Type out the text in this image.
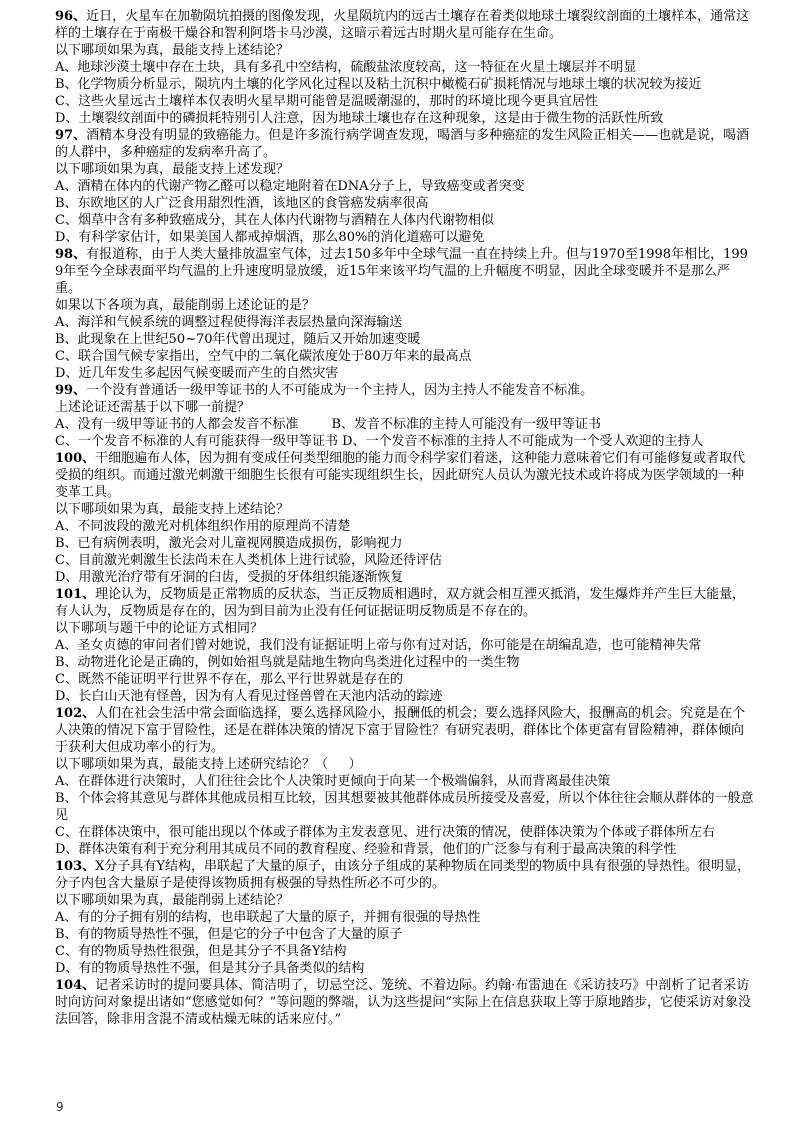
96、近日，火星车在加勒陨坑拍摄的图像发现，火星陨坑内的远古土壤存在着类似地球土壤裂纹剖面的土壤样本，通常这样的土壤存在于南极干燥谷和智利阿塔卡马沙漠，这暗示着远古时期火星可能存在生命。

以下哪项如果为真，最能支持上述结论？

A、地球沙漠土壤中存在土块，具有多孔中空结构，硫酸盐浓度较高，这一特征在火星土壤层并不明显

B、化学物质分析显示，陨坑内土壤的化学风化过程以及粘土沉积中橄榄石矿损耗情况与地球土壤的状况较为接近

C、这些火星远古土壤样本仅表明火星早期可能曾是温暖潮湿的，那时的环境比现今更具宜居性

D、土壤裂纹剖面中的磷损耗特别引人注意，因为地球土壤也存在这种现象，这是由于微生物的活跃性所致

97、酒精本身没有明显的致癌能力。但是许多流行病学调查发现，喝酒与多种癌症的发生风险正相关——也就是说，喝酒的人群中，多种癌症的发病率升高了。

以下哪项如果为真，最能支持上述发现？

A、酒精在体内的代谢产物乙醛可以稳定地附着在DNA分子上，导致癌变或者突变

B、东欧地区的人广泛食用甜烈性酒，该地区的食管癌发病率很高

C、烟草中含有多种致癌成分，其在人体内代谢物与酒精在人体内代谢物相似

D、有科学家估计，如果美国人都戒掉烟酒，那么80%的消化道癌可以避免

98、有报道称，由于人类大量排放温室气体，过去150多年中全球气温一直在持续上升。但与1970至1998年相比，1999年至今全球表面平均气温的上升速度明显放缓，近15年来该平均气温的上升幅度不明显，因此全球变暖并不是那么严重。

如果以下各项为真，最能削弱上述论证的是？

A、海洋和气候系统的调整过程使得海洋表层热量向深海输送

B、此现象在上世纪50~70年代曾出现过，随后又开始加速变暖

C、联合国气候专家指出，空气中的二氧化碳浓度处于80万年来的最高点

D、近几年发生多起因气候变暖而产生的自然灾害

99、一个没有普通话一级甲等证书的人不可能成为一个主持人，因为主持人不能发音不标准。

上述论证还需基于以下哪一前提？

A、没有一级甲等证书的人都会发音不标准        B、发音不标准的主持人可能没有一级甲等证书

C、一个发音不标准的人有可能获得一级甲等证书 D、一个发音不标准的主持人不可能成为一个受人欢迎的主持人

100、干细胞遍布人体，因为拥有变成任何类型细胞的能力而令科学家们着迷，这种能力意味着它们有可能修复或者取代受损的组织。而通过激光刺激干细胞生长很有可能实现组织生长，因此研究人员认为激光技术或许将成为医学领域的一种变革工具。

以下哪项如果为真，最能支持上述结论？

A、不同波段的激光对机体组织作用的原理尚不清楚

B、已有病例表明，激光会对儿童视网膜造成损伤，影响视力

C、目前激光刺激生长法尚未在人类机体上进行试验，风险还待评估

D、用激光治疗带有牙洞的臼齿，受损的牙体组织能逐渐恢复

101、理论认为，反物质是正常物质的反状态，当正反物质相遇时，双方就会相互湮灭抵消，发生爆炸并产生巨大能量，有人认为，反物质是存在的，因为到目前为止没有任何证据证明反物质是不存在的。

以下哪项与题干中的论证方式相同？

A、圣女贞德的审问者们曾对她说，我们没有证据证明上帝与你有过对话，你可能是在胡编乱造，也可能精神失常

B、动物进化论是正确的，例如始祖鸟就是陆地生物向鸟类进化过程中的一类生物

C、既然不能证明平行世界不存在，那么平行世界就是存在的

D、长白山天池有怪兽，因为有人看见过怪兽曾在天池内活动的踪迹

102、人们在社会生活中常会面临选择，要么选择风险小，报酬低的机会；要么选择风险大，报酬高的机会。究竟是在个人决策的情况下富于冒险性，还是在群体决策的情况下富于冒险性？有研究表明，群体比个体更富有冒险精神，群体倾向于获利大但成功率小的行为。

以下哪项如果为真，最能支持上述研究结论？（     ）

A、在群体进行决策时，人们往往会比个人决策时更倾向于向某一个极端偏斜，从而背离最佳决策

B、个体会将其意见与群体其他成员相互比较，因其想要被其他群体成员所接受及喜爱，所以个体往往会顺从群体的一般意见

C、在群体决策中，很可能出现以个体或子群体为主发表意见、进行决策的情况，使群体决策为个体或子群体所左右

D、群体决策有利于充分利用其成员不同的教育程度、经验和背景，他们的广泛参与有利于最高决策的科学性

103、X分子具有Y结构，串联起了大量的原子，由该分子组成的某种物质在同类型的物质中具有很强的导热性。很明显，分子内包含大量原子是使得该物质拥有极强的导热性所必不可少的。

以下哪项如果为真，最能削弱上述结论？

A、有的分子拥有别的结构，也串联起了大量的原子，并拥有很强的导热性

B、有的物质导热性不强，但是它的分子中包含了大量的原子

C、有的物质导热性很强，但是其分子不具备Y结构

D、有的物质导热性不强，但是其分子具备类似的结构

104、记者采访时的提问要具体、简洁明了，切忌空泛、笼统、不着边际。约翰·布雷迪在《采访技巧》中剖析了记者采访时向访问对象提出诸如“您感觉如何？”等问题的弊端，认为这些提问“实际上在信息获取上等于原地踏步，它使采访对象没法回答，除非用含混不清或枯燥无味的话来应付。”

9
